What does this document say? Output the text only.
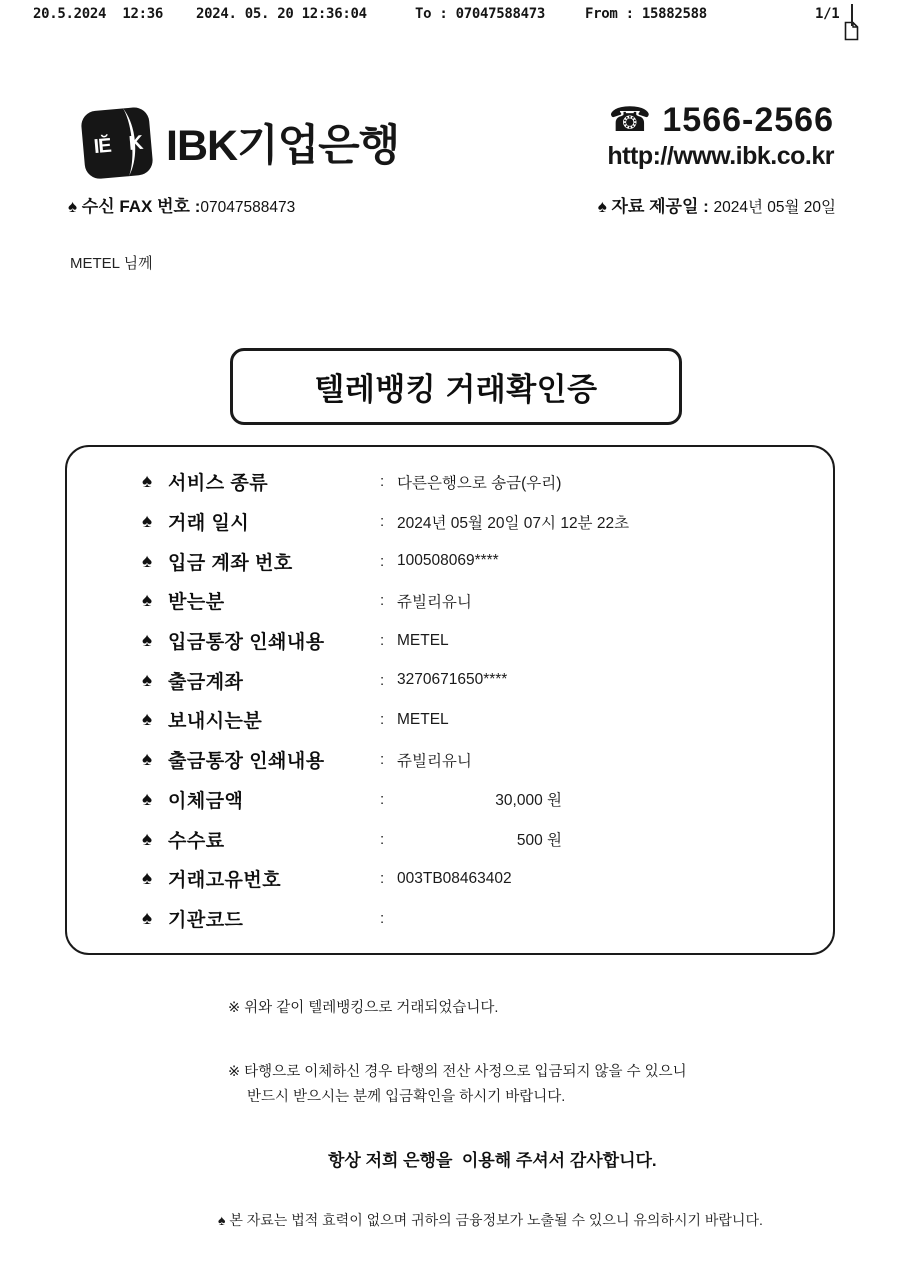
20.5.2024  12:36 2024. 05. 20 12:36:04	To : 07047588473	From : 15882588

	1/1
IӖ K IBK기업은행
☎ 1566-2566
http://www.ibk.co.kr
♠ 수신 FAX 번호 :07047588473	♠ 자료 제공일 : 2024년 05월 20일
METEL 님께
텔레뱅킹 거래확인증
♠ 서비스 종류	: 다른은행으로 송금(우리)
♠ 거래 일시	: 2024년 05월 20일 07시 12분 22초
♠ 입금 계좌 번호	: 100508069****
♠ 받는분	: 쥬빌리유니
♠ 입금통장 인쇄내용	: METEL
♠ 출금계좌	: 3270671650****
♠ 보내시는분	: METEL
♠ 출금통장 인쇄내용	: 쥬빌리유니
♠ 이체금액	:	30,000 원
♠ 수수료	:	500 원
♠ 거래고유번호	: 003TB08463402
♠ 기관코드	:
※ 위와 같이 텔레뱅킹으로 거래되었습니다.
※ 타행으로 이체하신 경우 타행의 전산 사정으로 입금되지 않을 수 있으니
반드시 받으시는 분께 입금확인을 하시기 바랍니다.
항상 저희 은행을  이용해 주셔서 감사합니다.
♠ 본 자료는 법적 효력이 없으며 귀하의 금융정보가 노출될 수 있으니 유의하시기 바랍니다.
